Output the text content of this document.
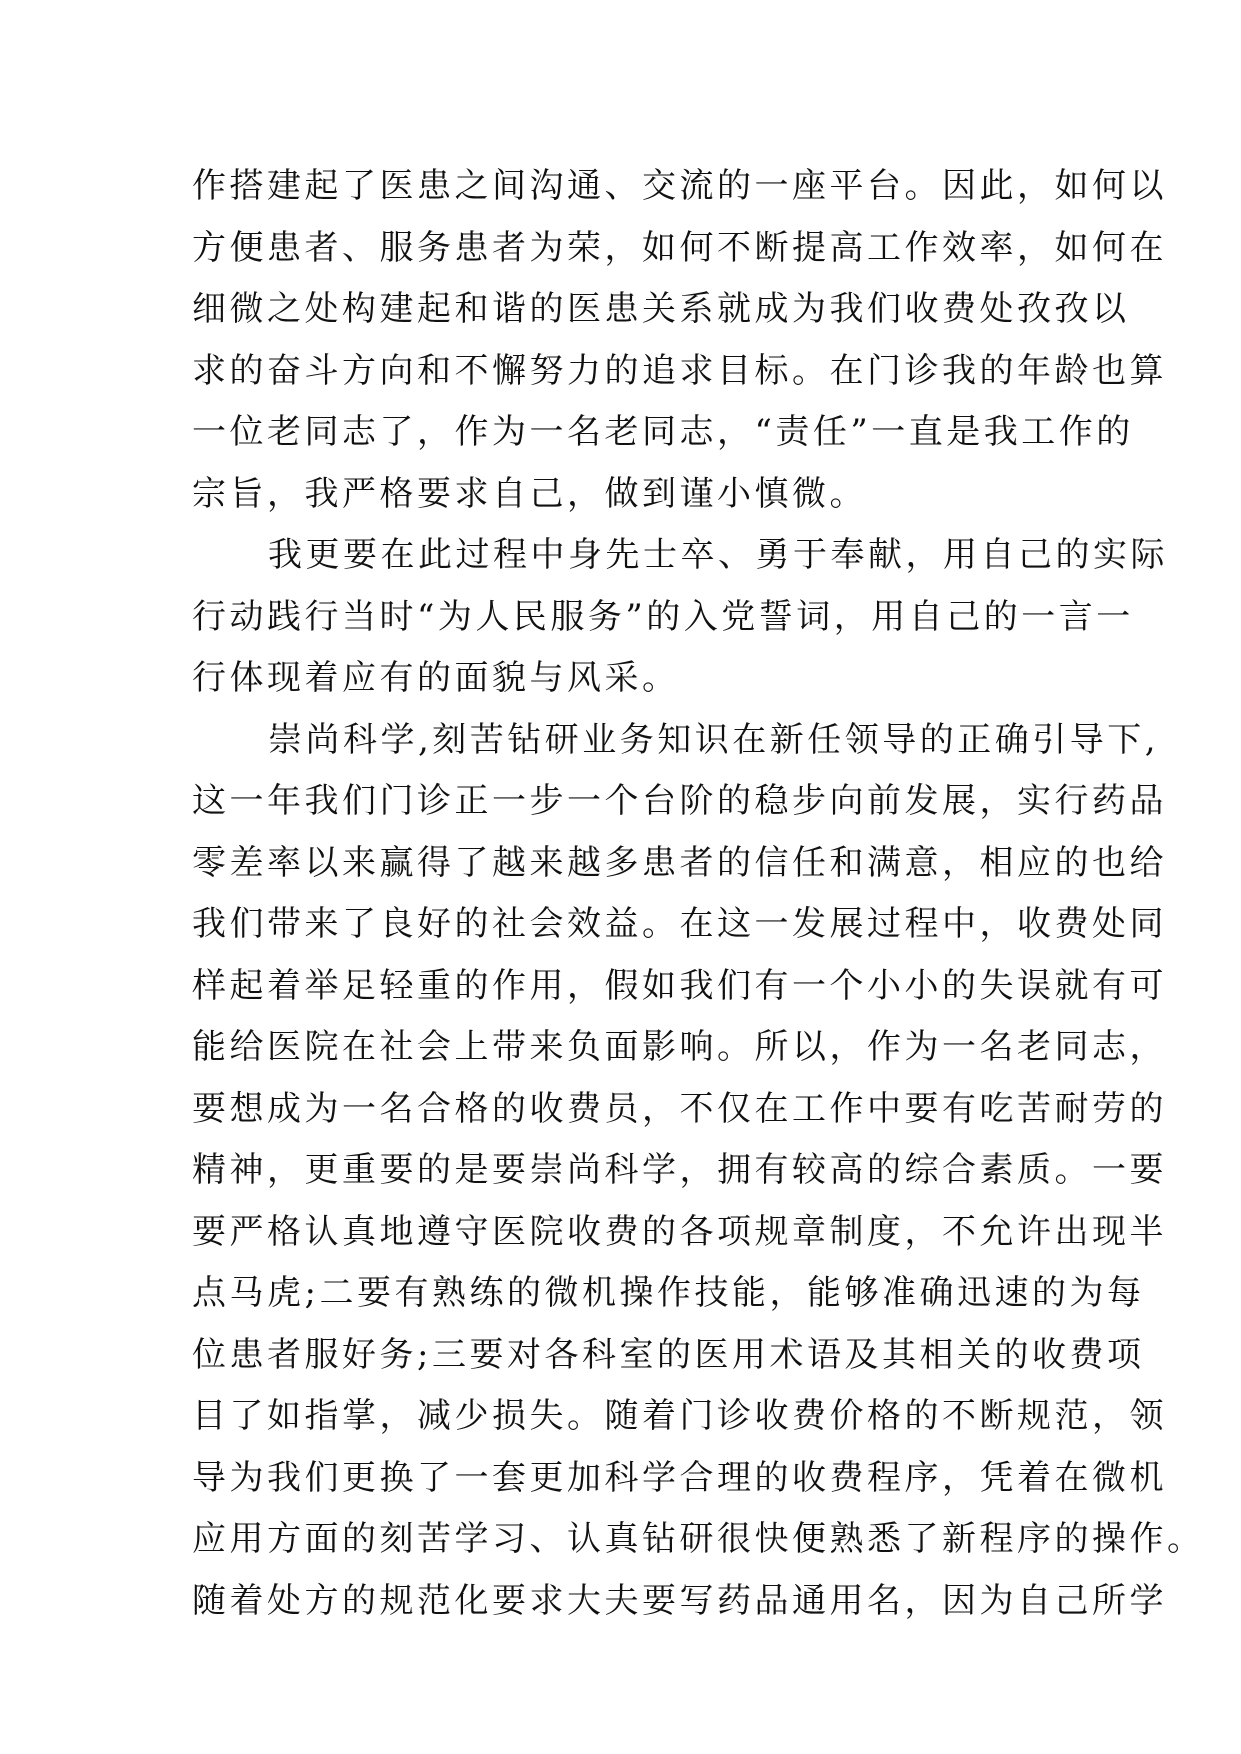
作搭建起了医患之间沟通、交流的一座平台。因此，如何以
方便患者、服务患者为荣，如何不断提高工作效率，如何在
细微之处构建起和谐的医患关系就成为我们收费处孜孜以
求的奋斗方向和不懈努力的追求目标。在门诊我的年龄也算
一位老同志了，作为一名老同志，“责任”一直是我工作的
宗旨，我严格要求自己，做到谨小慎微。
我更要在此过程中身先士卒、勇于奉献，用自己的实际
行动践行当时“为人民服务”的入党誓词，用自己的一言一
行体现着应有的面貌与风采。
崇尚科学,刻苦钻研业务知识在新任领导的正确引导下,
这一年我们门诊正一步一个台阶的稳步向前发展，实行药品
零差率以来赢得了越来越多患者的信任和满意，相应的也给
我们带来了良好的社会效益。在这一发展过程中，收费处同
样起着举足轻重的作用，假如我们有一个小小的失误就有可
能给医院在社会上带来负面影响。所以，作为一名老同志，
要想成为一名合格的收费员，不仅在工作中要有吃苦耐劳的
精神，更重要的是要崇尚科学，拥有较高的综合素质。一要
要严格认真地遵守医院收费的各项规章制度，不允许出现半
点马虎;二要有熟练的微机操作技能，能够准确迅速的为每
位患者服好务;三要对各科室的医用术语及其相关的收费项
目了如指掌，减少损失。随着门诊收费价格的不断规范，领
导为我们更换了一套更加科学合理的收费程序，凭着在微机
应用方面的刻苦学习、认真钻研很快便熟悉了新程序的操作。
随着处方的规范化要求大夫要写药品通用名，因为自己所学
